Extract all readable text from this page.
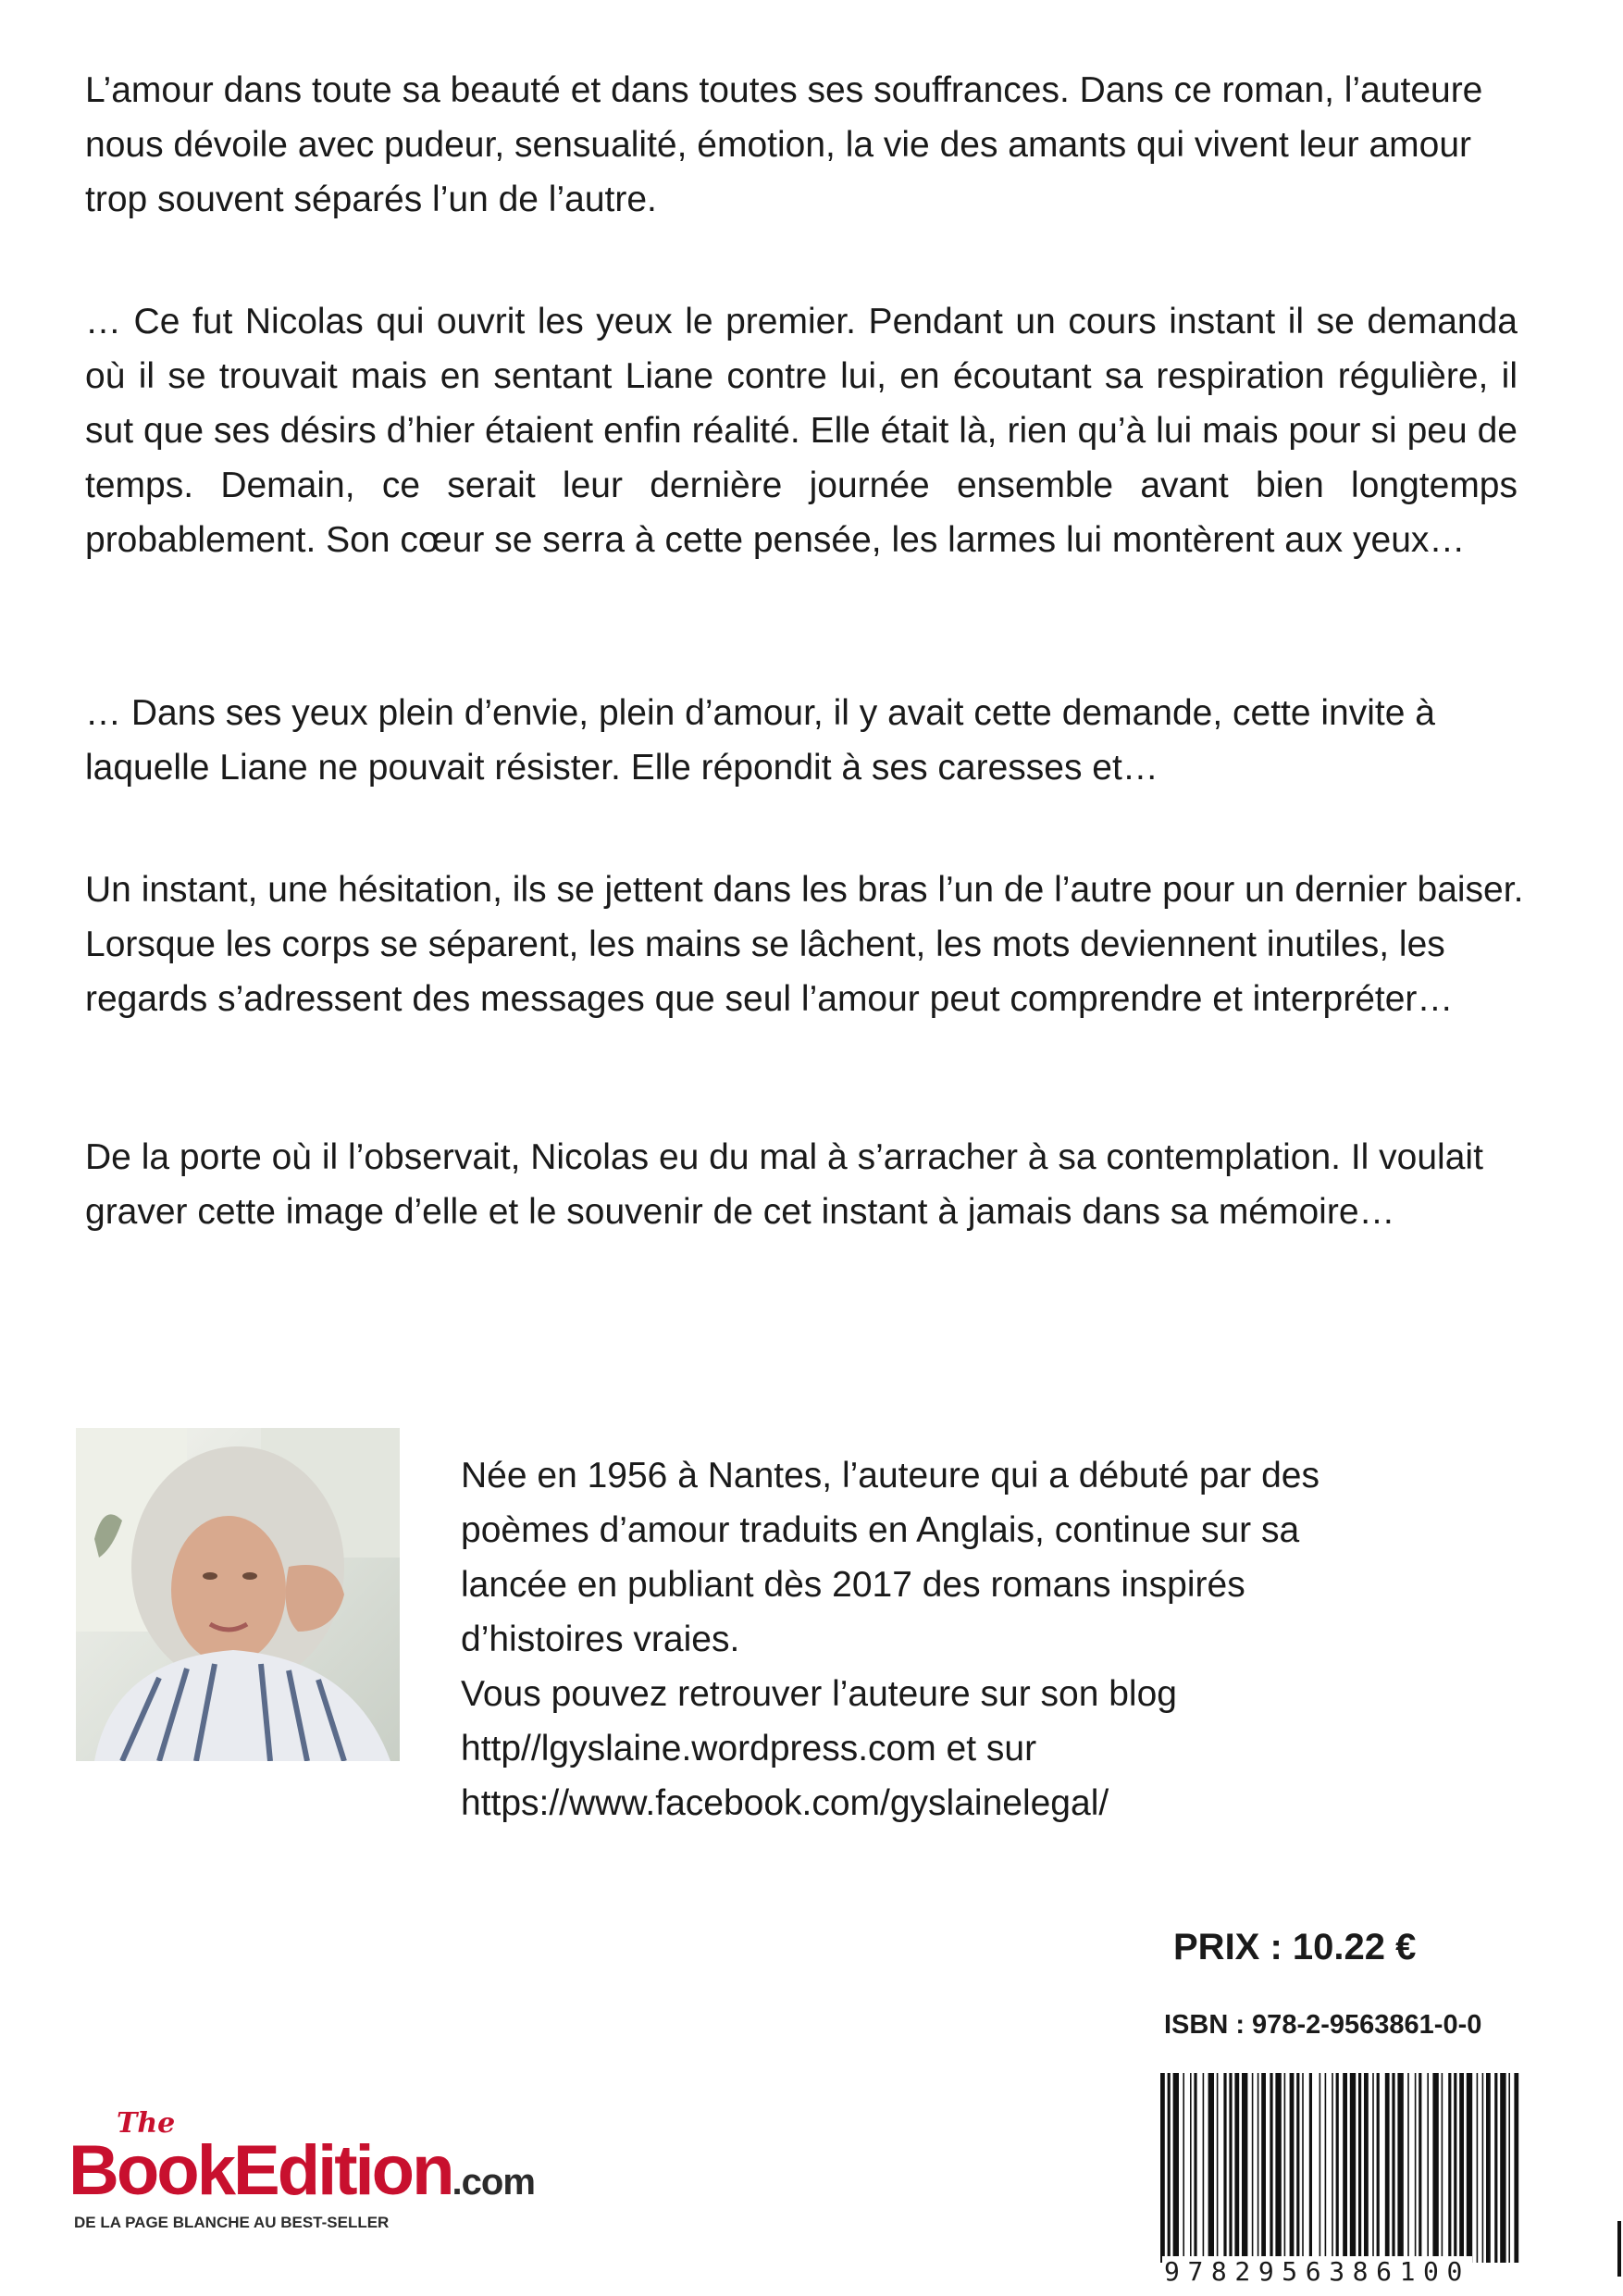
L’amour dans toute sa beauté et dans toutes ses souffrances. Dans ce roman, l’auteure nous dévoile avec pudeur, sensualité, émotion, la vie des amants qui vivent leur amour trop souvent séparés l’un de l’autre.

… Ce fut Nicolas qui ouvrit les yeux le premier. Pendant un cours instant il se demanda où il se trouvait mais en sentant Liane contre lui, en écoutant sa respiration régulière, il sut que ses désirs d’hier étaient enfin réalité. Elle était là, rien qu’à lui mais pour si peu de temps. Demain, ce serait leur dernière journée ensemble avant bien longtemps probablement. Son cœur se serra à cette pensée, les larmes lui montèrent aux yeux…

… Dans ses yeux plein d’envie, plein d’amour, il y avait cette demande, cette invite à laquelle Liane ne pouvait résister. Elle répondit à ses caresses et…

Un instant, une hésitation, ils se jettent dans les bras l’un de l’autre pour un dernier baiser. Lorsque les corps se séparent, les mains se lâchent, les mots deviennent inutiles, les regards s’adressent des messages que seul l’amour peut comprendre et interpréter…

De la porte où il l’observait, Nicolas eu du mal à s’arracher à sa contemplation. Il voulait graver cette image d’elle et le souvenir de cet instant à jamais dans sa mémoire…

Née en 1956 à Nantes, l’auteure qui a débuté par des
poèmes d’amour traduits en Anglais, continue sur sa
lancée en publiant dès 2017 des romans inspirés
d’histoires vraies.
Vous pouvez retrouver l’auteure sur son blog
http//lgyslaine.wordpress.com et sur
https://www.facebook.com/gyslainelegal/

PRIX : 10.22 €
ISBN : 978-2-9563861-0-0
9782956386100
The
BookEdition.com
DE LA PAGE BLANCHE AU BEST-SELLER
